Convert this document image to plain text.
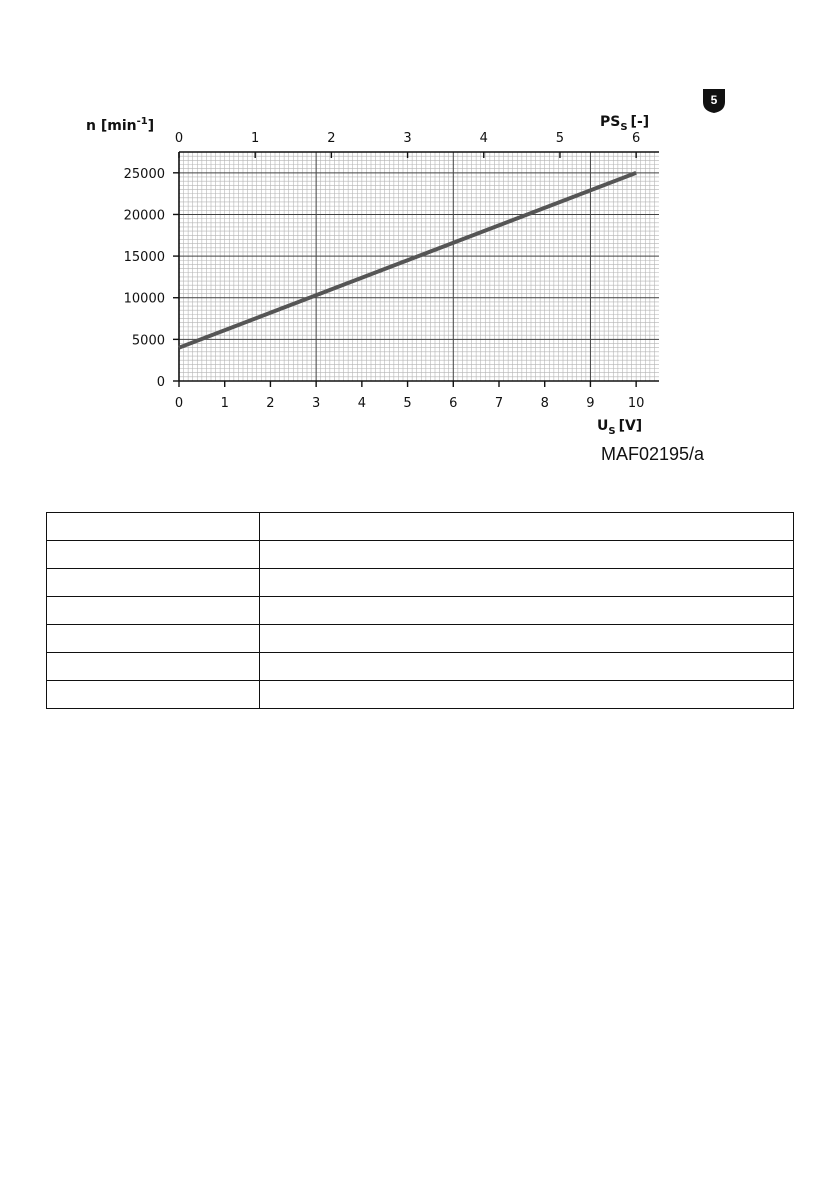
0	1	2	3	4	5	6	7	8	9	10
0	1	2	3	4	5	6
0
5000
10000
15000
20000
25000
n $[\min^{-1}]$	$PS_S$ [-]
$U_S$ [V]
5
MAF02195/a
